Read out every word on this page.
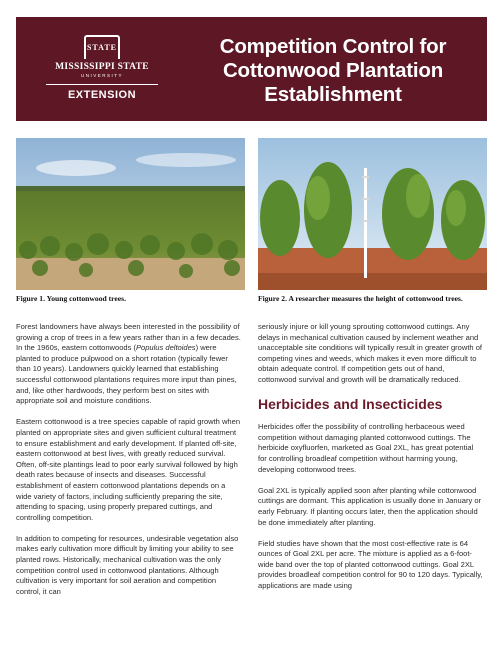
STATE
MISSISSIPPI STATE
UNIVERSITY
EXTENSION
Competition Control for
Cottonwood Plantation
Establishment
Figure 1. Young cottonwood trees.	Figure 2. A researcher measures the height of cottonwood trees.

Forest landowners have always been interested in the possibility of growing a crop of trees in a few years rather than in a few decades. In the 1960s, eastern cottonwoods (Populus deltoides) were planted to produce pulpwood on a short rotation (typically fewer than 10 years). Landowners quickly learned that establishing successful cottonwood plantations requires more input than pines, and, like other hardwoods, they perform best on sites with appropriate soil and moisture conditions.

Eastern cottonwood is a tree species capable of rapid growth when planted on appropriate sites and given sufficient cultural treatment to ensure establishment and early development. If planted off-site, eastern cottonwood at best lives, with greatly reduced survival. Often, off-site plantings lead to poor early survival followed by high death rates because of insects and diseases. Successful establishment of eastern cottonwood plantations depends on a wide variety of factors, including sufficiently preparing the site, attending to spacing, using properly prepared cuttings, and controlling competition.

In addition to competing for resources, undesirable vegetation also makes early cultivation more difficult by limiting your ability to see planted rows. Historically, mechanical cultivation was the only competition control used in cottonwood plantations. Although cultivation is very important for soil aeration and competition control, it can

seriously injure or kill young sprouting cottonwood cuttings. Any delays in mechanical cultivation caused by inclement weather and unacceptable site conditions will typically result in greater growth of competing vines and weeds, which makes it even more difficult to obtain adequate control. If competition gets out of hand, cottonwood survival and growth will be dramatically reduced.

Herbicides and Insecticides

Herbicides offer the possibility of controlling herbaceous weed competition without damaging planted cottonwood cuttings. The herbicide oxyfluorfen, marketed as Goal 2XL, has great potential for controlling broadleaf competition without harming young, developing cottonwood trees.

Goal 2XL is typically applied soon after planting while cottonwood cuttings are dormant. This application is usually done in January or early February. If planting occurs later, then the application should be done immediately after planting.

Field studies have shown that the most cost-effective rate is 64 ounces of Goal 2XL per acre. The mixture is applied as a 6-foot-wide band over the top of planted cottonwood cuttings. Goal 2XL provides broadleaf competition control for 90 to 120 days. Typically, applications are made using
